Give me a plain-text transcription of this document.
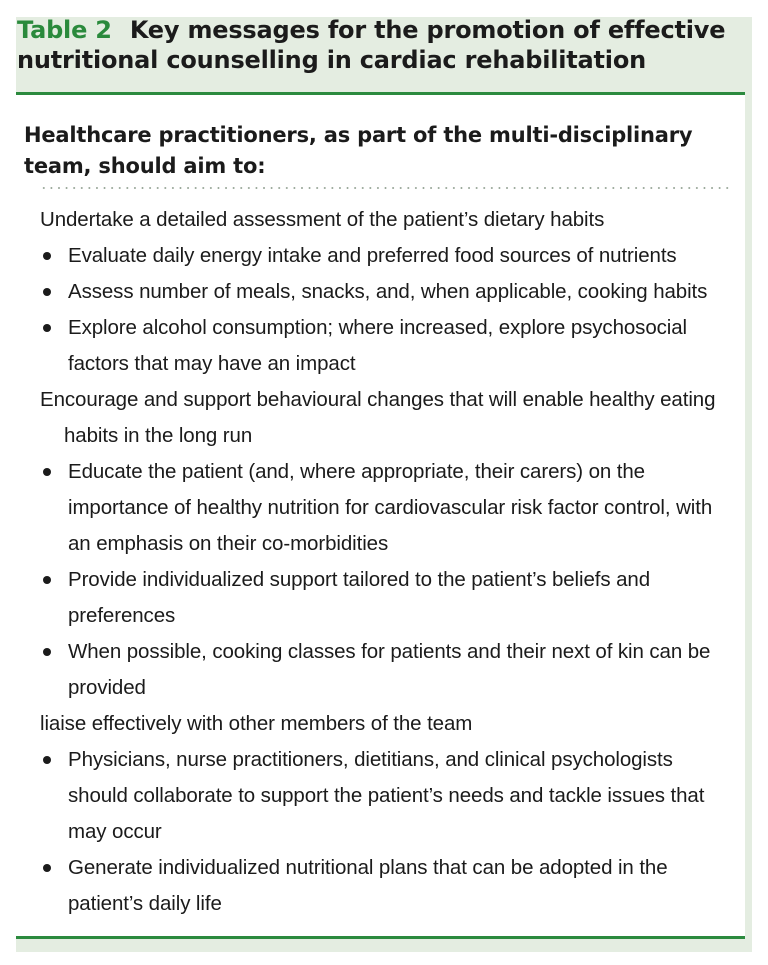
Table 2 Key messages for the promotion of effective nutritional counselling in cardiac rehabilitation
Healthcare practitioners, as part of the multi-disciplinary team, should aim to:
Undertake a detailed assessment of the patient’s dietary habits
Evaluate daily energy intake and preferred food sources of nutrients
Assess number of meals, snacks, and, when applicable, cooking habits
Explore alcohol consumption; where increased, explore psychosocial factors that may have an impact
Encourage and support behavioural changes that will enable healthy eating
habits in the long run
Educate the patient (and, where appropriate, their carers) on the importance of healthy nutrition for cardiovascular risk factor control, with an emphasis on their co-morbidities
Provide individualized support tailored to the patient’s beliefs and preferences
When possible, cooking classes for patients and their next of kin can be provided
liaise effectively with other members of the team
Physicians, nurse practitioners, dietitians, and clinical psychologists should collaborate to support the patient’s needs and tackle issues that may occur
Generate individualized nutritional plans that can be adopted in the patient’s daily life
